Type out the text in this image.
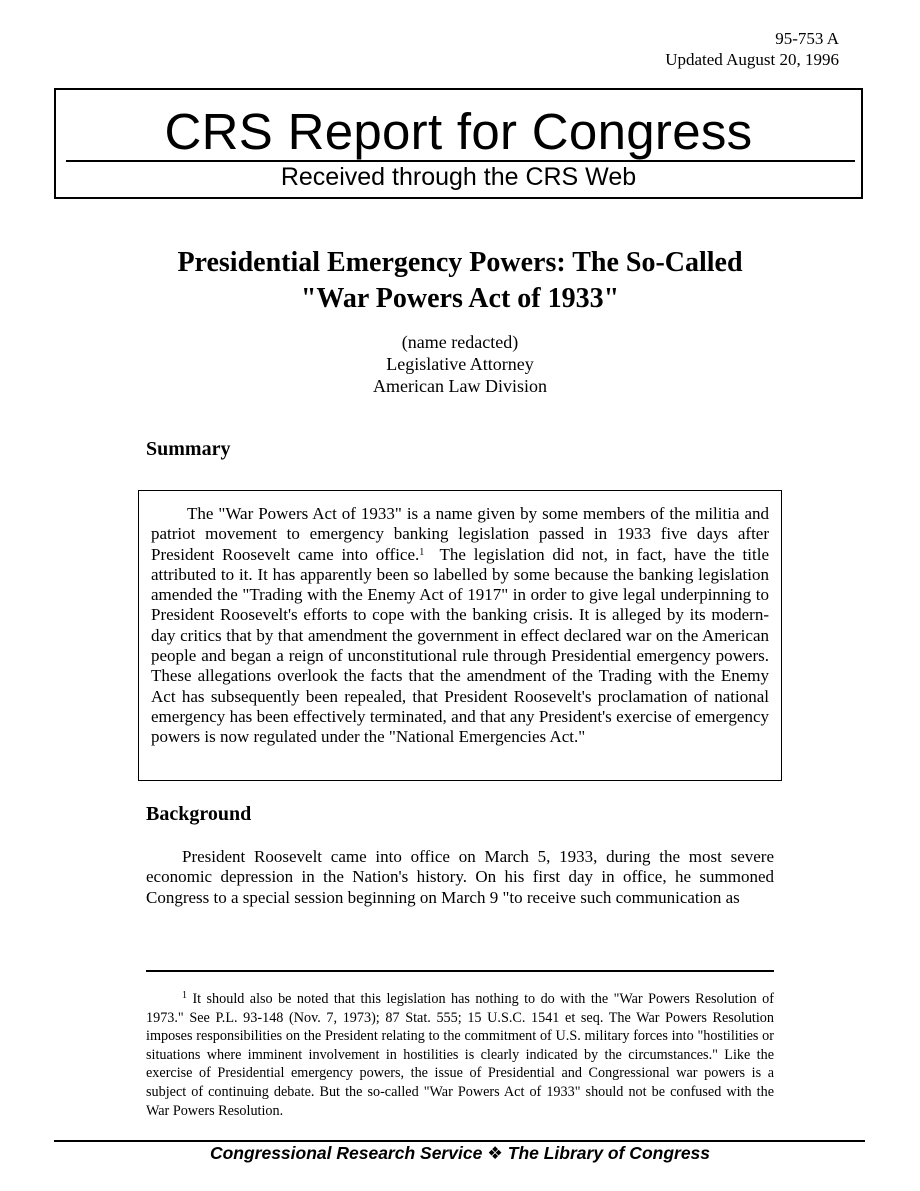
95-753 A
Updated August 20, 1996
CRS Report for Congress
Received through the CRS Web
Presidential Emergency Powers: The So-Called
"War Powers Act of 1933"
(name redacted)
Legislative Attorney
American Law Division
Summary

The "War Powers Act of 1933" is a name given by some members of the militia and patriot movement to emergency banking legislation passed in 1933 five days after President Roosevelt came into office.$^1$ The legislation did not, in fact, have the title attributed to it. It has apparently been so labelled by some because the banking legislation amended the "Trading with the Enemy Act of 1917" in order to give legal underpinning to President Roosevelt's efforts to cope with the banking crisis. It is alleged by its modern-day critics that by that amendment the government in effect declared war on the American people and began a reign of unconstitutional rule through Presidential emergency powers. These allegations overlook the facts that the amendment of the Trading with the Enemy Act has subsequently been repealed, that President Roosevelt's proclamation of national emergency has been effectively terminated, and that any President's exercise of emergency powers is now regulated under the "National Emergencies Act."

Background

President Roosevelt came into office on March 5, 1933, during the most severe economic depression in the Nation's history. On his first day in office, he summoned Congress to a special session beginning on March 9 "to receive such communication as

$^1$ It should also be noted that this legislation has nothing to do with the "War Powers Resolution of 1973." See P.L. 93-148 (Nov. 7, 1973); 87 Stat. 555; 15 U.S.C. 1541 et seq. The War Powers Resolution imposes responsibilities on the President relating to the commitment of U.S. military forces into "hostilities or situations where imminent involvement in hostilities is clearly indicated by the circumstances." Like the exercise of Presidential emergency powers, the issue of Presidential and Congressional war powers is a subject of continuing debate. But the so-called "War Powers Act of 1933" should not be confused with the War Powers Resolution.

Congressional Research Service ❖ The Library of Congress
